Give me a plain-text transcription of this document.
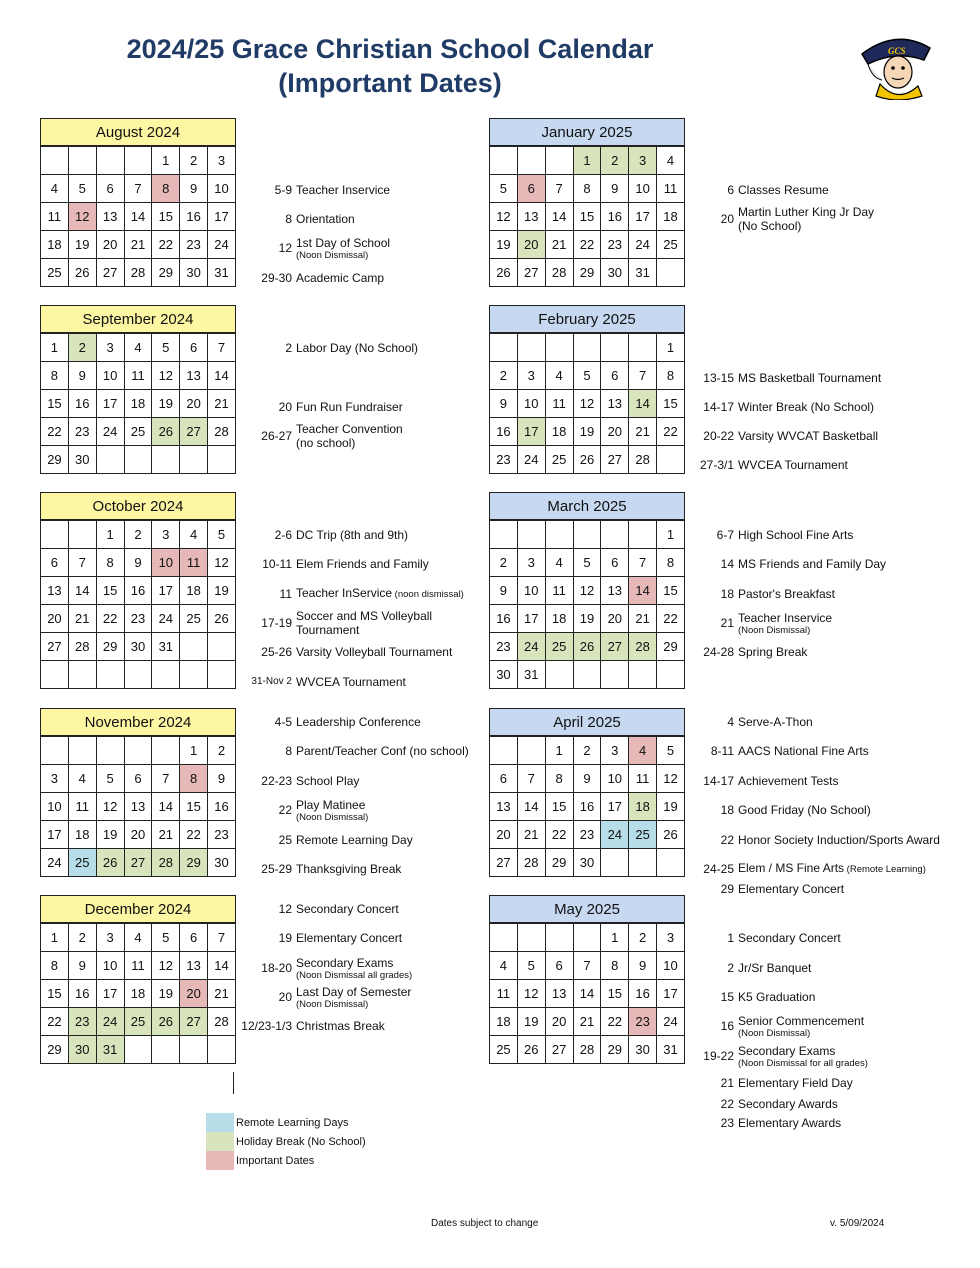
2024/25 Grace Christian School Calendar
(Important Dates)
GCS
August 2024
				1	2	3
4	5	6	7	8	9	10
11	12	13	14	15	16	17
18	19	20	21	22	23	24
25	26	27	28	29	30	31
September 2024
1	2	3	4	5	6	7
8	9	10	11	12	13	14
15	16	17	18	19	20	21
22	23	24	25	26	27	28
29	30					
October 2024
		1	2	3	4	5
6	7	8	9	10	11	12
13	14	15	16	17	18	19
20	21	22	23	24	25	26
27	28	29	30	31		

November 2024
					1	2
3	4	5	6	7	8	9
10	11	12	13	14	15	16
17	18	19	20	21	22	23
24	25	26	27	28	29	30
December 2024
1	2	3	4	5	6	7
8	9	10	11	12	13	14
15	16	17	18	19	20	21
22	23	24	25	26	27	28
29	30	31				
January 2025
			1	2	3	4
5	6	7	8	9	10	11
12	13	14	15	16	17	18
19	20	21	22	23	24	25
26	27	28	29	30	31	
February 2025
						1
2	3	4	5	6	7	8
9	10	11	12	13	14	15
16	17	18	19	20	21	22
23	24	25	26	27	28	
March 2025
						1
2	3	4	5	6	7	8
9	10	11	12	13	14	15
16	17	18	19	20	21	22
23	24	25	26	27	28	29
30	31					
April 2025
		1	2	3	4	5
6	7	8	9	10	11	12
13	14	15	16	17	18	19
20	21	22	23	24	25	26
27	28	29	30			
May 2025
				1	2	3
4	5	6	7	8	9	10
11	12	13	14	15	16	17
18	19	20	21	22	23	24
25	26	27	28	29	30	31
Remote Learning Days
Holiday Break (No School)
Important Dates
Dates subject to change	v. 5/09/2024
5-9 Teacher Inservice
8 Orientation
12 1st Day of School
(Noon Dismissal)
29-30 Academic Camp
2 Labor Day (No School)
20 Fun Run Fundraiser
26-27 Teacher Convention
(no school)
2-6 DC Trip (8th and 9th)
10-11 Elem Friends and Family
11 Teacher InService (noon dismissal)
17-19 Soccer and MS Volleyball
Tournament
25-26 Varsity Volleyball Tournament
31-Nov 2 WVCEA Tournament
4-5 Leadership Conference
8 Parent/Teacher Conf (no school)
22-23 School Play
22 Play Matinee
(Noon Dismissal)
25 Remote Learning Day
25-29 Thanksgiving Break
12 Secondary Concert
19 Elementary Concert
18-20 Secondary Exams
(Noon Dismissal all grades)
20 Last Day of Semester
(Noon Dismissal)
12/23-1/3 Christmas Break
6 Classes Resume
20 Martin Luther King Jr Day
(No School)
13-15 MS Basketball Tournament
14-17 Winter Break (No School)
20-22 Varsity WVCAT Basketball
27-3/1 WVCEA Tournament
6-7 High School Fine Arts
14 MS Friends and Family Day
18 Pastor's Breakfast
21 Teacher Inservice
(Noon Dismissal)
24-28 Spring Break
4 Serve-A-Thon
8-11 AACS National Fine Arts
14-17 Achievement Tests
18 Good Friday (No School)
22 Honor Society Induction/Sports Award
24-25 Elem / MS Fine Arts (Remote Learning)
29 Elementary Concert
1 Secondary Concert
2 Jr/Sr Banquet
15 K5 Graduation
16 Senior Commencement
(Noon Dismissal)
19-22 Secondary Exams
(Noon Dismissal for all grades)
21 Elementary Field Day
22 Secondary Awards
23 Elementary Awards
